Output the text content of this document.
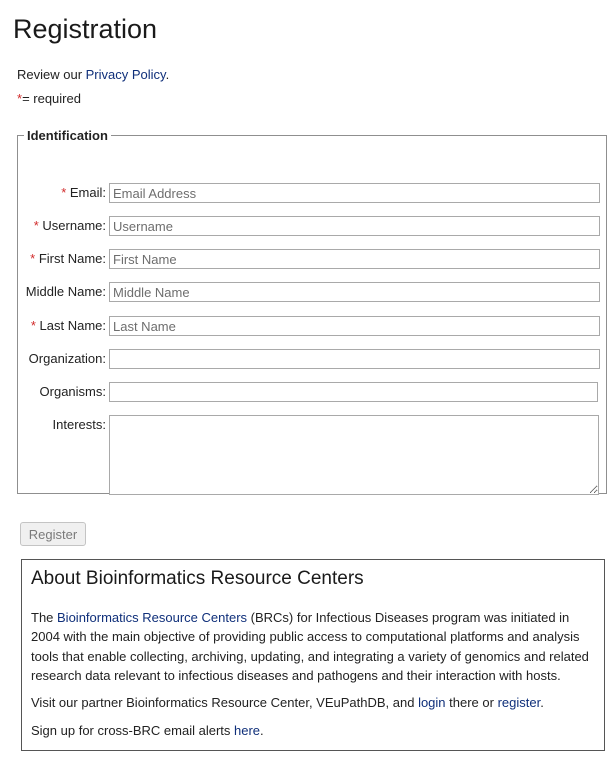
Registration
Review our Privacy Policy.
*= required
Identification
* Email:
Email Address
* Username:
Username
* First Name:
First Name
Middle Name:
Middle Name
* Last Name:
Last Name
Organization:
Organisms:
Interests:
Register
About Bioinformatics Resource Centers

The Bioinformatics Resource Centers (BRCs) for Infectious Diseases program was initiated in 2004 with the main objective of providing public access to computational platforms and analysis tools that enable collecting, archiving, updating, and integrating a variety of genomics and related research data relevant to infectious diseases and pathogens and their interaction with hosts.

Visit our partner Bioinformatics Resource Center, VEuPathDB, and login there or register.

Sign up for cross-BRC email alerts here.
